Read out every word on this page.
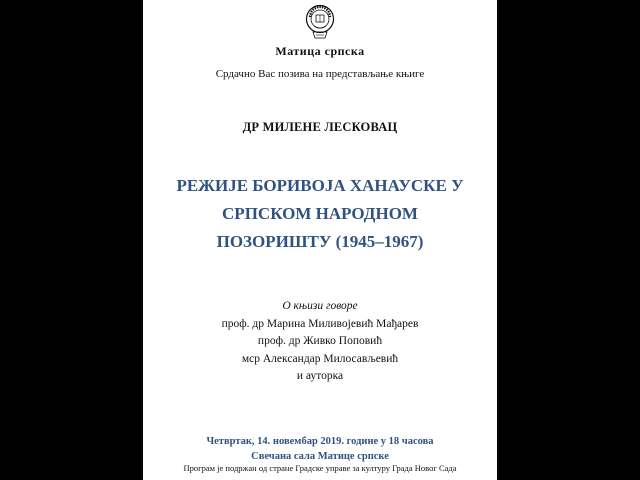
Матица српска
Срдачно Вас позива на представљање књиге
ДР МИЛЕНЕ ЛЕСКОВАЦ
РЕЖИЈЕ БОРИВОЈА ХАНАУСКЕ У
СРПСКОМ НАРОДНОМ
ПОЗОРИШТУ (1945–1967)
О књизи говоре
проф. др Марина Миливојевић Мађарев
проф. др Живко Поповић
мср Александар Милосављевић
и ауторка
Четвртак, 14. новембар 2019. године у 18 часова
Свечана сала Матице српске
Програм је подржан од стране Градске управе за културу Града Новог Сада
